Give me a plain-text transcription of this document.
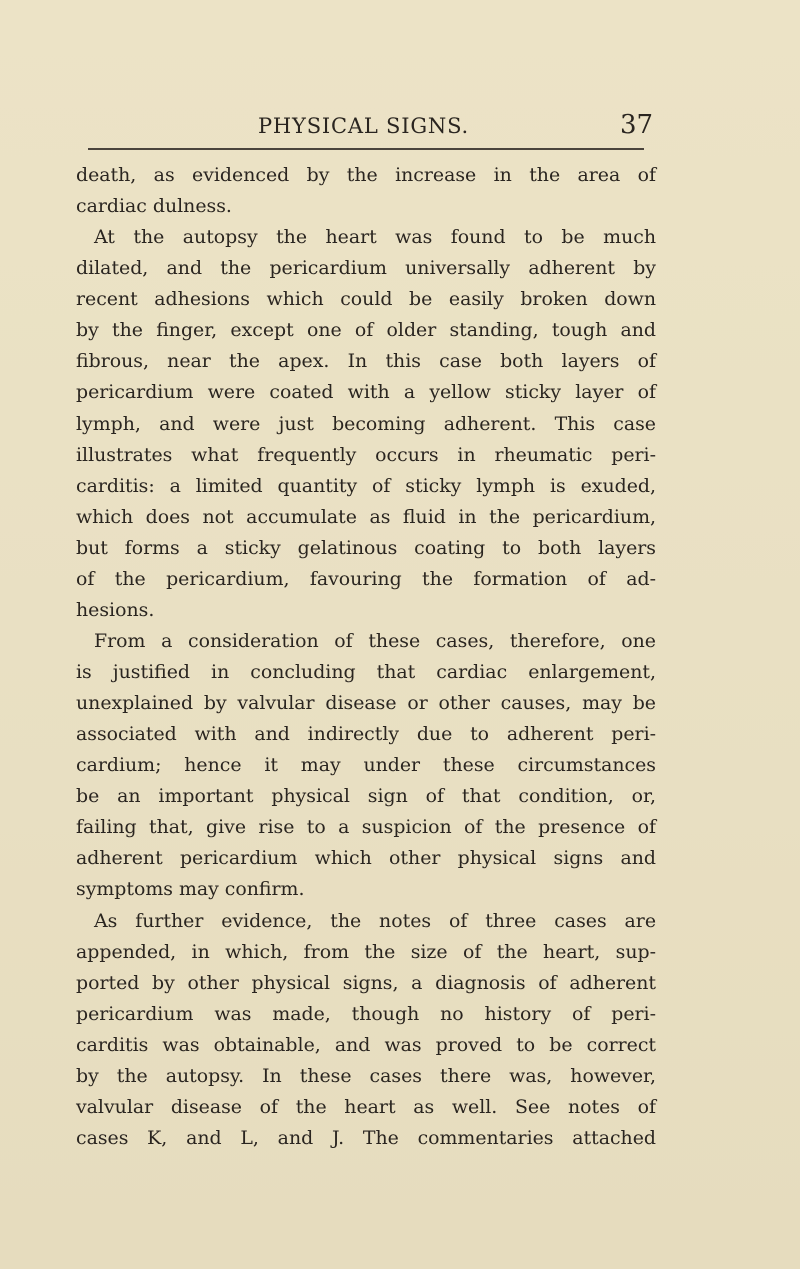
PHYSICAL SIGNS.	37
death, as evidenced by the increase in the area of
cardiac dulness.
At the autopsy the heart was found to be much
dilated, and the pericardium universally adherent by
recent adhesions which could be easily broken down
by the finger, except one of older standing, tough and
fibrous, near the apex. In this case both layers of
pericardium were coated with a yellow sticky layer of
lymph, and were just becoming adherent. This case
illustrates what frequently occurs in rheumatic peri-
carditis: a limited quantity of sticky lymph is exuded,
which does not accumulate as fluid in the pericardium,
but forms a sticky gelatinous coating to both layers
of the pericardium, favouring the formation of ad-
hesions.
From a consideration of these cases, therefore, one
is justified in concluding that cardiac enlargement,
unexplained by valvular disease or other causes, may be
associated with and indirectly due to adherent peri-
cardium; hence it may under these circumstances
be an important physical sign of that condition, or,
failing that, give rise to a suspicion of the presence of
adherent pericardium which other physical signs and
symptoms may confirm.
As further evidence, the notes of three cases are
appended, in which, from the size of the heart, sup-
ported by other physical signs, a diagnosis of adherent
pericardium was made, though no history of peri-
carditis was obtainable, and was proved to be correct
by the autopsy. In these cases there was, however,
valvular disease of the heart as well. See notes of
cases K, and L, and J. The commentaries attached
